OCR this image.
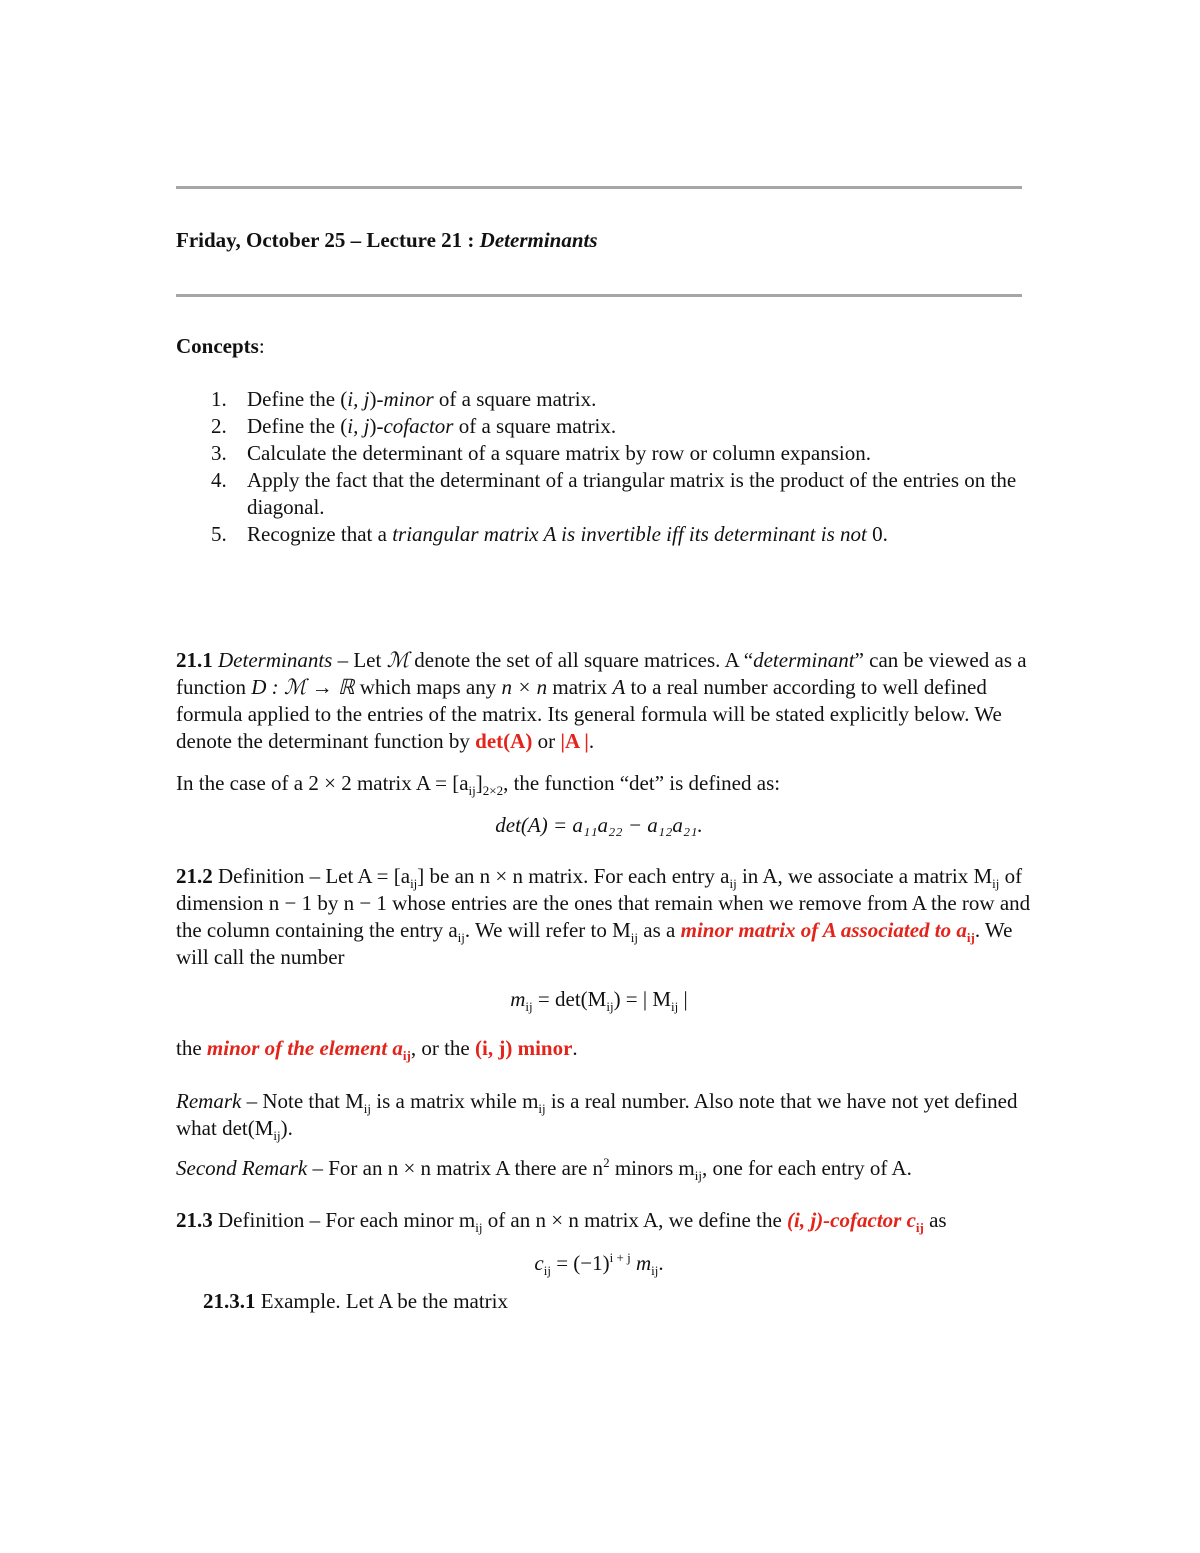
Friday, October 25 – Lecture 21 : Determinants
Concepts:
1. Define the (i, j)-minor of a square matrix.
2. Define the (i, j)-cofactor of a square matrix.
3. Calculate the determinant of a square matrix by row or column expansion.
4. Apply the fact that the determinant of a triangular matrix is the product of the entries on the diagonal.
5. Recognize that a triangular matrix A is invertible iff its determinant is not 0.
21.1 Determinants – Let ℳ denote the set of all square matrices. A “determinant” can be viewed as a function D : ℳ → ℝ which maps any n × n matrix A to a real number according to well defined formula applied to the entries of the matrix. Its general formula will be stated explicitly below. We denote the determinant function by det(A) or |A |.
In the case of a 2 × 2 matrix $A = [a_{ij}]_{2\times 2}$, the function “det” is defined as:
det(A) = a₁₁a₂₂ − a₁₂a₂₁.
21.2 Definition – Let $A = [a_{ij}]$ be an n × n matrix. For each entry $a_{ij}$ in A, we associate a matrix $M_{ij}$ of dimension n − 1 by n − 1 whose entries are the ones that remain when we remove from A the row and the column containing the entry $a_{ij}$. We will refer to $M_{ij}$ as a minor matrix of A associated to $a_{ij}$. We will call the number
$m_{ij} = \det(M_{ij})$ = | $M_{ij}$ |
the minor of the element $a_{ij}$, or the (i, j) minor.
Remark – Note that $M_{ij}$ is a matrix while $m_{ij}$ is a real number. Also note that we have not yet defined what $\det(M_{ij})$.
Second Remark – For an n × n matrix A there are $n^2$ minors $m_{ij}$, one for each entry of A.
21.3 Definition – For each minor $m_{ij}$ of an n × n matrix A, we define the (i, j)-cofactor $c_{ij}$ as
$c_{ij} = (-1)^{i + j}$ $m_{ij}$.
21.3.1 Example. Let A be the matrix
